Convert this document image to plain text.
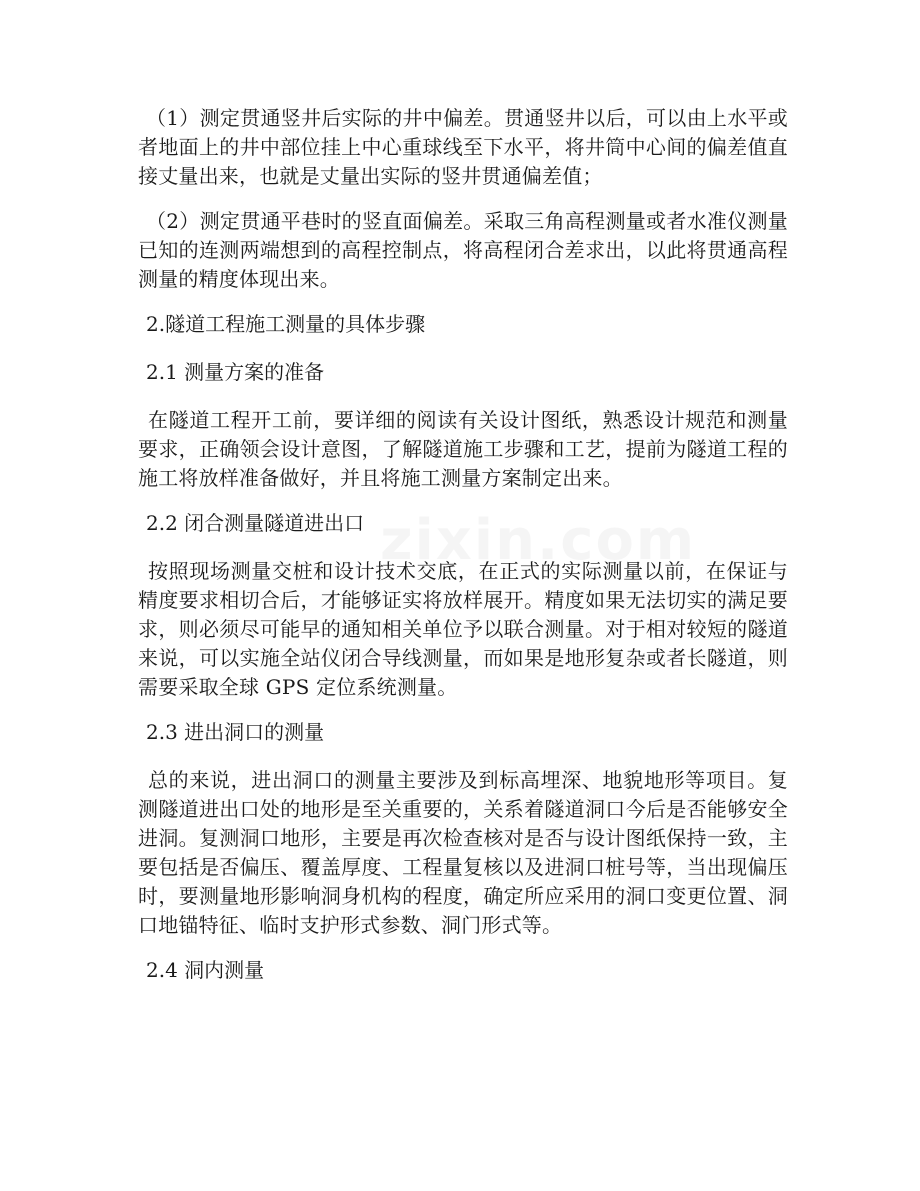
（1）测定贯通竖井后实际的井中偏差。贯通竖井以后，可以由上水平或者地面上的井中部位挂上中心重球线至下水平，将井筒中心间的偏差值直接丈量出来，也就是丈量出实际的竖井贯通偏差值；

（2）测定贯通平巷时的竖直面偏差。采取三角高程测量或者水准仪测量已知的连测两端想到的高程控制点，将高程闭合差求出，以此将贯通高程测量的精度体现出来。

2.隧道工程施工测量的具体步骤
2.1 测量方案的准备

在隧道工程开工前，要详细的阅读有关设计图纸，熟悉设计规范和测量要求，正确领会设计意图，了解隧道施工步骤和工艺，提前为隧道工程的施工将放样准备做好，并且将施工测量方案制定出来。

2.2 闭合测量隧道进出口

按照现场测量交桩和设计技术交底，在正式的实际测量以前，在保证与精度要求相切合后，才能够证实将放样展开。精度如果无法切实的满足要求，则必须尽可能早的通知相关单位予以联合测量。对于相对较短的隧道来说，可以实施全站仪闭合导线测量，而如果是地形复杂或者长隧道，则需要采取全球 GPS 定位系统测量。

2.3 进出洞口的测量

总的来说，进出洞口的测量主要涉及到标高埋深、地貌地形等项目。复测隧道进出口处的地形是至关重要的，关系着隧道洞口今后是否能够安全进洞。复测洞口地形，主要是再次检查核对是否与设计图纸保持一致，主要包括是否偏压、覆盖厚度、工程量复核以及进洞口桩号等，当出现偏压时，要测量地形影响洞身机构的程度，确定所应采用的洞口变更位置、洞口地锚特征、临时支护形式参数、洞门形式等。

2.4 洞内测量
